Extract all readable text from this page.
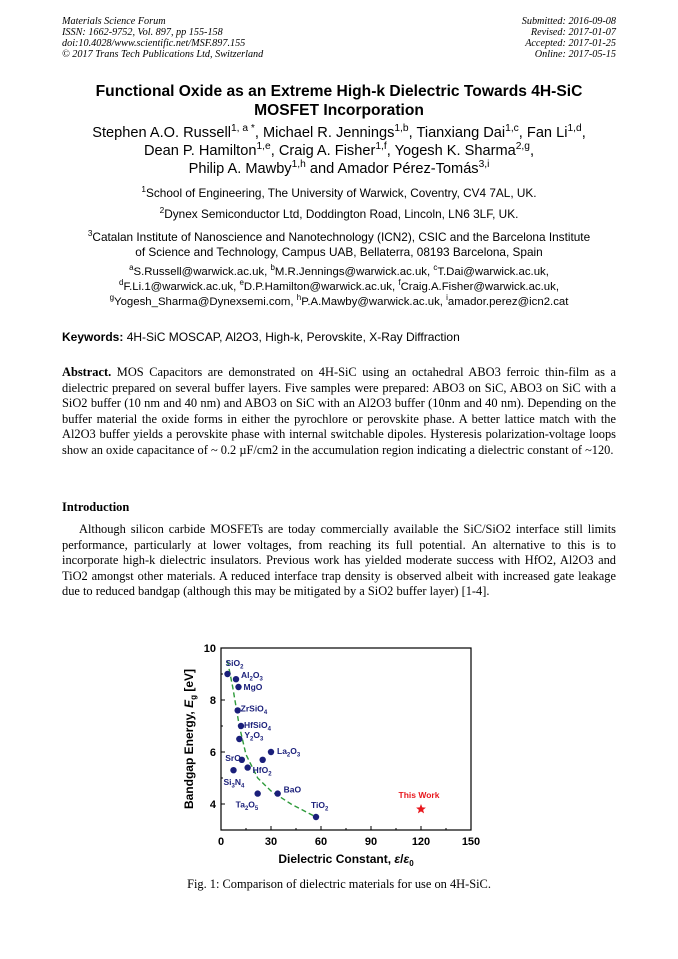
Materials Science Forum
ISSN: 1662-9752, Vol. 897, pp 155-158
doi:10.4028/www.scientific.net/MSF.897.155
© 2017 Trans Tech Publications Ltd, Switzerland
Submitted: 2016-09-08
Revised: 2017-01-07
Accepted: 2017-01-25
Online: 2017-05-15
Functional Oxide as an Extreme High-k Dielectric Towards 4H-SiC
MOSFET Incorporation
Stephen A.O. Russell$^{1, a *}$, Michael R. Jennings$^{1,b}$, Tianxiang Dai$^{1,c}$, Fan Li$^{1,d}$,
Dean P. Hamilton$^{1,e}$, Craig A. Fisher$^{1,f}$, Yogesh K. Sharma$^{2,g}$,
Philip A. Mawby$^{1,h}$ and Amador Pérez-Tomás$^{3,i}$
$^1$School of Engineering, The University of Warwick, Coventry, CV4 7AL, UK.
$^2$Dynex Semiconductor Ltd, Doddington Road, Lincoln, LN6 3LF, UK.
$^3$Catalan Institute of Nanoscience and Nanotechnology (ICN2), CSIC and the Barcelona Institute
of Science and Technology, Campus UAB, Bellaterra, 08193 Barcelona, Spain
$^a$S.Russell@warwick.ac.uk, $^b$M.R.Jennings@warwick.ac.uk, $^c$T.Dai@warwick.ac.uk,
$^d$F.Li.1@warwick.ac.uk, $^e$D.P.Hamilton@warwick.ac.uk, $^f$Craig.A.Fisher@warwick.ac.uk,
$^g$Yogesh_Sharma@Dynexsemi.com, $^h$P.A.Mawby@warwick.ac.uk, $^i$amador.perez@icn2.cat
Keywords: 4H-SiC MOSCAP, Al2O3, High-k, Perovskite, X-Ray Diffraction
Abstract. MOS Capacitors are demonstrated on 4H-SiC using an octahedral ABO3 ferroic thin-film as a dielectric prepared on several buffer layers. Five samples were prepared: ABO3 on SiC, ABO3 on SiC with a SiO2 buffer (10 nm and 40 nm) and ABO3 on SiC with an Al2O3 buffer (10nm and 40 nm). Depending on the buffer material the oxide forms in either the pyrochlore or perovskite phase. A better lattice match with the Al2O3 buffer yields a perovskite phase with internal switchable dipoles. Hysteresis polarization-voltage loops show an oxide capacitance of ~ 0.2 µF/cm2 in the accumulation region indicating a dielectric constant of ~120.
Introduction
Although silicon carbide MOSFETs are today commercially available the SiC/SiO2 interface still limits performance, particularly at lower voltages, from reaching its full potential. An alternative to this is to incorporate high-k dielectric insulators. Previous work has yielded moderate success with HfO2, Al2O3 and TiO2 amongst other materials. A reduced interface trap density is observed albeit with increased gate leakage due to reduced bandgap (although this may be mitigated by a SiO2 buffer layer) [1-4].
0	30	60	90	120	150
4
6
8
10
Dielectric Constant, $\varepsilon/\varepsilon_0$
Bandgap Energy, $E_g$ [eV]
SiO$_2$
$Al_2O_3$
MgO
ZrSiO$_4$
HfSiO$_4$
$Y_2O_3$
$La_2O_3$
SrO
HfO$_2$
$Si_3N_4$	BaO
$Ta_2O_5$	TiO$_2$
This Work
Fig. 1: Comparison of dielectric materials for use on 4H-SiC.
